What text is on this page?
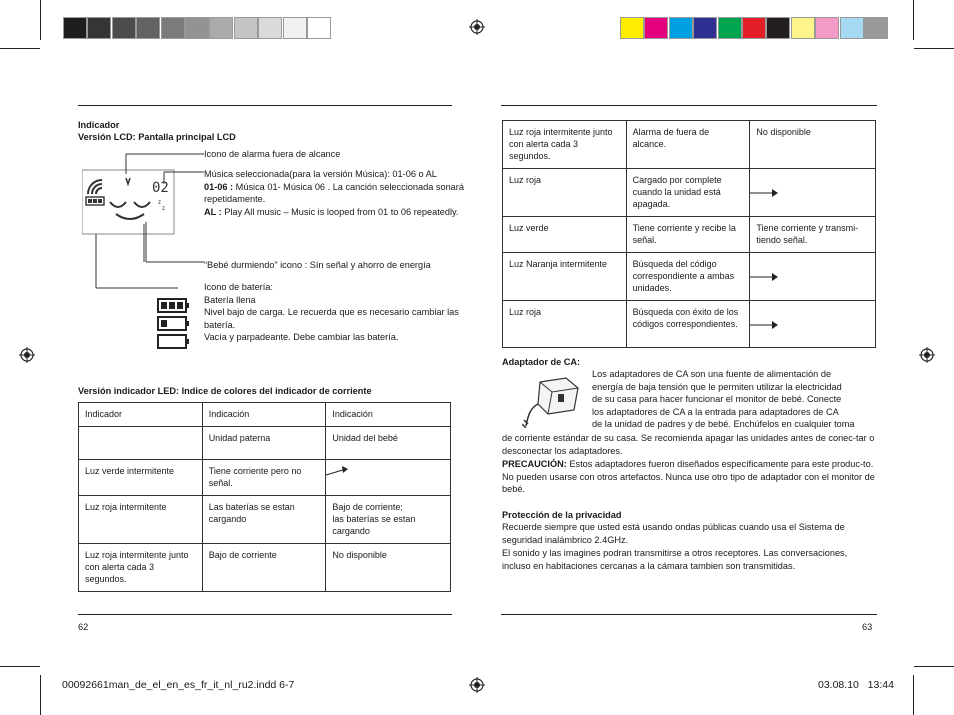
Indicador
Versión LCD: Pantalla principal LCD
02
z
z
Icono de alarma fuera de alcance
Música seleccionada(para la versión Música): 01-06 o AL
01-06 : Música 01- Música 06 . La canción seleccionada sonará repetidamente.
AL : Play All music – Music is looped from 01 to 06 repeatedly.
“Bebé durmiendo” icono : Sín señal y ahorro de energía
Icono de batería:
Batería llena
Nivel bajo de carga. Le recuerda que es necesario cambiar las batería.
Vacía y parpadeante. Debe cambiar las batería.
Versión indicador LED: Indice de colores del indicador de corriente
Indicador	Indicación	Indicación
	Unidad paterna	Unidad del bebé
Luz verde intermitente	Tiene corriente pero no señal.	

Luz roja intermitente	Las baterías se estan cargando	Bajo de corriente;
las baterías se estan cargando
Luz roja intermitente junto con alerta cada 3 segundos.	Bajo de corriente	No disponible
62
Luz roja intermitente junto con alerta cada 3 segundos.	Alarma de fuera de alcance.	No disponible
Luz roja	Cargado por complete cuando la unidad está apagada.	

Luz verde	Tiene corriente y recibe la señal.	Tiene corriente y transmi-
tiendo señal.
Luz Naranja intermitente	Búsqueda del código correspondiente a ambas unidades.	

Luz roja	Búsqueda con éxito de los códigos correspondientes.	
Adaptador de CA:
Los adaptadores de CA son una fuente de alimentación de
energía de baja tensión que le permiten utilizar la electricidad
de su casa para hacer funcionar el monitor de bebé. Conecte
los adaptadores de CA a la entrada para adaptadores de CA
de la unidad de padres y de bebé. Enchúfelos en cualquier toma
de corriente estándar de su casa. Se recomienda apagar las unidades antes de conec-tar o desconectar los adaptadores.
PRECAUCIÓN: Estos adaptadores fueron diseñados específicamente para este produc-to. No pueden usarse con otros artefactos. Nunca use otro tipo de adaptador con el monitor de bebé.
Protección de la privacidad
Recuerde siempre que usted está usando ondas públicas cuando usa el Sistema de seguridad inalámbrico 2.4GHz.
El sonido y las imagines podran transmitirse a otros receptores. Las conversaciones, incluso en habitaciones cercanas a la cámara tambien son transmitidas.
63
00092661man_de_el_en_es_fr_it_nl_ru2.indd 6-7	03.08.10 13:44
